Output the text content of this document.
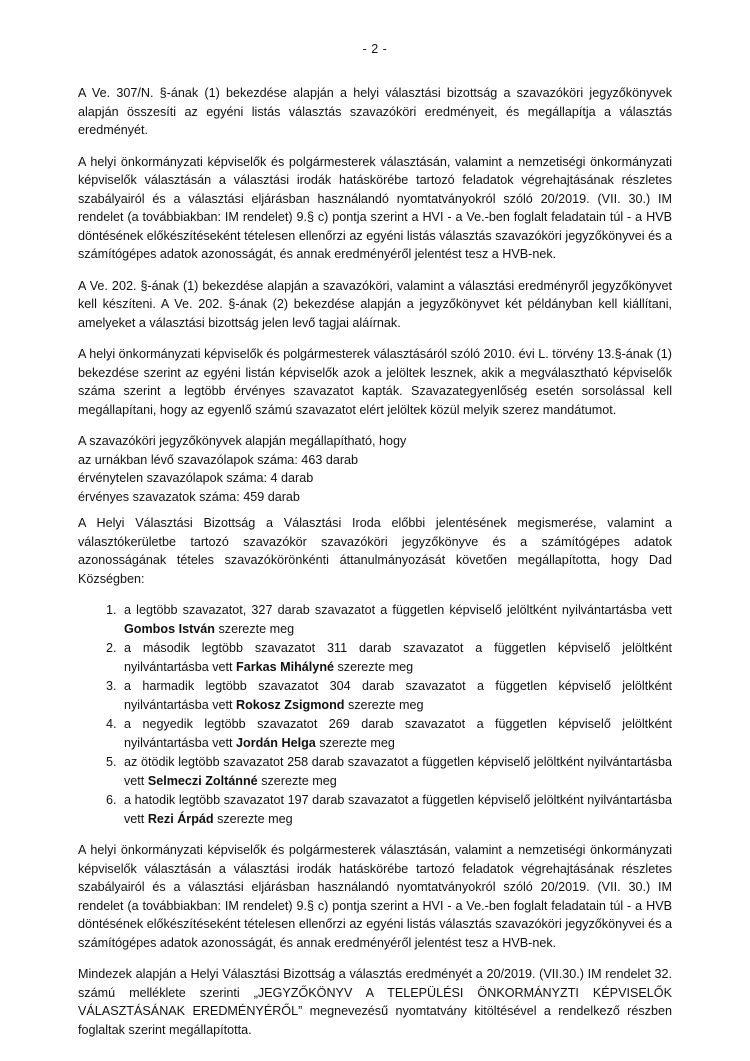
- 2 -

A Ve. 307/N. §-ának (1) bekezdése alapján a helyi választási bizottság a szavazóköri jegyzőkönyvek alapján összesíti az egyéni listás választás szavazóköri eredményeit, és megállapítja a választás eredményét.

A helyi önkormányzati képviselők és polgármesterek választásán, valamint a nemzetiségi önkormányzati képviselők választásán a választási irodák hatáskörébe tartozó feladatok végrehajtásának részletes szabályairól és a választási eljárásban használandó nyomtatványokról szóló 20/2019. (VII. 30.) IM rendelet (a továbbiakban: IM rendelet) 9.§ c) pontja szerint a HVI - a Ve.-ben foglalt feladatain túl - a HVB döntésének előkészítéseként tételesen ellenőrzi az egyéni listás választás szavazóköri jegyzőkönyvei és a számítógépes adatok azonosságát, és annak eredményéről jelentést tesz a HVB-nek.

A Ve. 202. §-ának (1) bekezdése alapján a szavazóköri, valamint a választási eredményről jegyzőkönyvet kell készíteni. A Ve. 202. §-ának (2) bekezdése alapján a jegyzőkönyvet két példányban kell kiállítani, amelyeket a választási bizottság jelen levő tagjai aláírnak.

A helyi önkormányzati képviselők és polgármesterek választásáról szóló 2010. évi L. törvény 13.§-ának (1) bekezdése szerint az egyéni listán képviselők azok a jelöltek lesznek, akik a megválasztható képviselők száma szerint a legtöbb érvényes szavazatot kapták. Szavazategyenlőség esetén sorsolással kell megállapítani, hogy az egyenlő számú szavazatot elért jelöltek közül melyik szerez mandátumot.

A szavazóköri jegyzőkönyvek alapján megállapítható, hogy

az urnákban lévő szavazólapok száma: 463 darab

érvénytelen szavazólapok száma: 4 darab

érvényes szavazatok száma: 459 darab

A Helyi Választási Bizottság a Választási Iroda előbbi jelentésének megismerése, valamint a választókerületbe tartozó szavazókör szavazóköri jegyzőkönyve és a számítógépes adatok azonosságának tételes szavazókörönkénti áttanulmányozását követően megállapította, hogy Dad Községben:

1. a legtöbb szavazatot, 327 darab szavazatot a független képviselő jelöltként nyilvántartásba vett Gombos István szerezte meg
2. a második legtöbb szavazatot 311 darab szavazatot a független képviselő jelöltként nyilvántartásba vett Farkas Mihályné szerezte meg
3. a harmadik legtöbb szavazatot 304 darab szavazatot a független képviselő jelöltként nyilvántartásba vett Rokosz Zsigmond szerezte meg
4. a negyedik legtöbb szavazatot 269 darab szavazatot a független képviselő jelöltként nyilvántartásba vett Jordán Helga szerezte meg
5. az ötödik legtöbb szavazatot 258 darab szavazatot a független képviselő jelöltként nyilvántartásba vett Selmeczi Zoltánné szerezte meg
6. a hatodik legtöbb szavazatot 197 darab szavazatot a független képviselő jelöltként nyilvántartásba vett Rezi Árpád szerezte meg

A helyi önkormányzati képviselők és polgármesterek választásán, valamint a nemzetiségi önkormányzati képviselők választásán a választási irodák hatáskörébe tartozó feladatok végrehajtásának részletes szabályairól és a választási eljárásban használandó nyomtatványokról szóló 20/2019. (VII. 30.) IM rendelet (a továbbiakban: IM rendelet) 9.§ c) pontja szerint a HVI - a Ve.-ben foglalt feladatain túl - a HVB döntésének előkészítéseként tételesen ellenőrzi az egyéni listás választás szavazóköri jegyzőkönyvei és a számítógépes adatok azonosságát, és annak eredményéről jelentést tesz a HVB-nek.

Mindezek alapján a Helyi Választási Bizottság a választás eredményét a 20/2019. (VII.30.) IM rendelet 32. számú melléklete szerinti „JEGYZŐKÖNYV A TELEPÜLÉSI ÖNKORMÁNYZTI KÉPVISELŐK VÁLASZTÁSÁNAK EREDMÉNYÉRŐL” megnevezésű nyomtatvány kitöltésével a rendelkező részben foglaltak szerint megállapította.
